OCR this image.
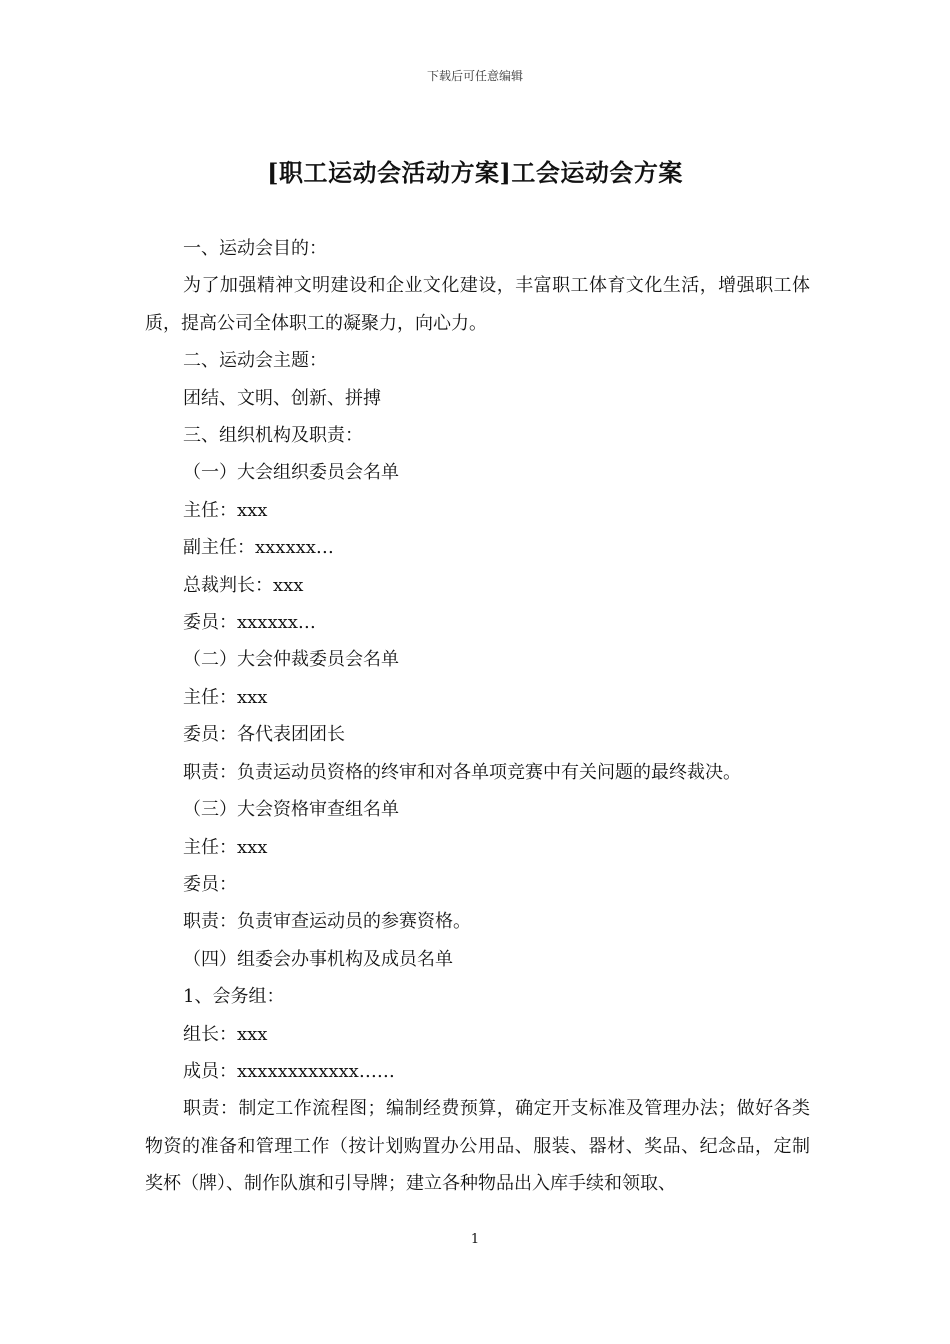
下载后可任意编辑
[职工运动会活动方案]工会运动会方案

一、运动会目的：

为了加强精神文明建设和企业文化建设，丰富职工体育文化生活，增强职工体质，提高公司全体职工的凝聚力，向心力。

二、运动会主题：

团结、文明、创新、拼搏

三、组织机构及职责：

（一）大会组织委员会名单

主任：xxx

副主任：xxxxxx…

总裁判长：xxx

委员：xxxxxx…

（二）大会仲裁委员会名单

主任：xxx

委员：各代表团团长

职责：负责运动员资格的终审和对各单项竞赛中有关问题的最终裁决。

（三）大会资格审查组名单

主任：xxx

委员：

职责：负责审查运动员的参赛资格。

（四）组委会办事机构及成员名单

1、会务组：

组长：xxx

成员：xxxxxxxxxxxx……

职责：制定工作流程图；编制经费预算，确定开支标准及管理办法；做好各类物资的准备和管理工作（按计划购置办公用品、服装、器材、奖品、纪念品，定制奖杯（牌）、制作队旗和引导牌；建立各种物品出入库手续和领取、

1
